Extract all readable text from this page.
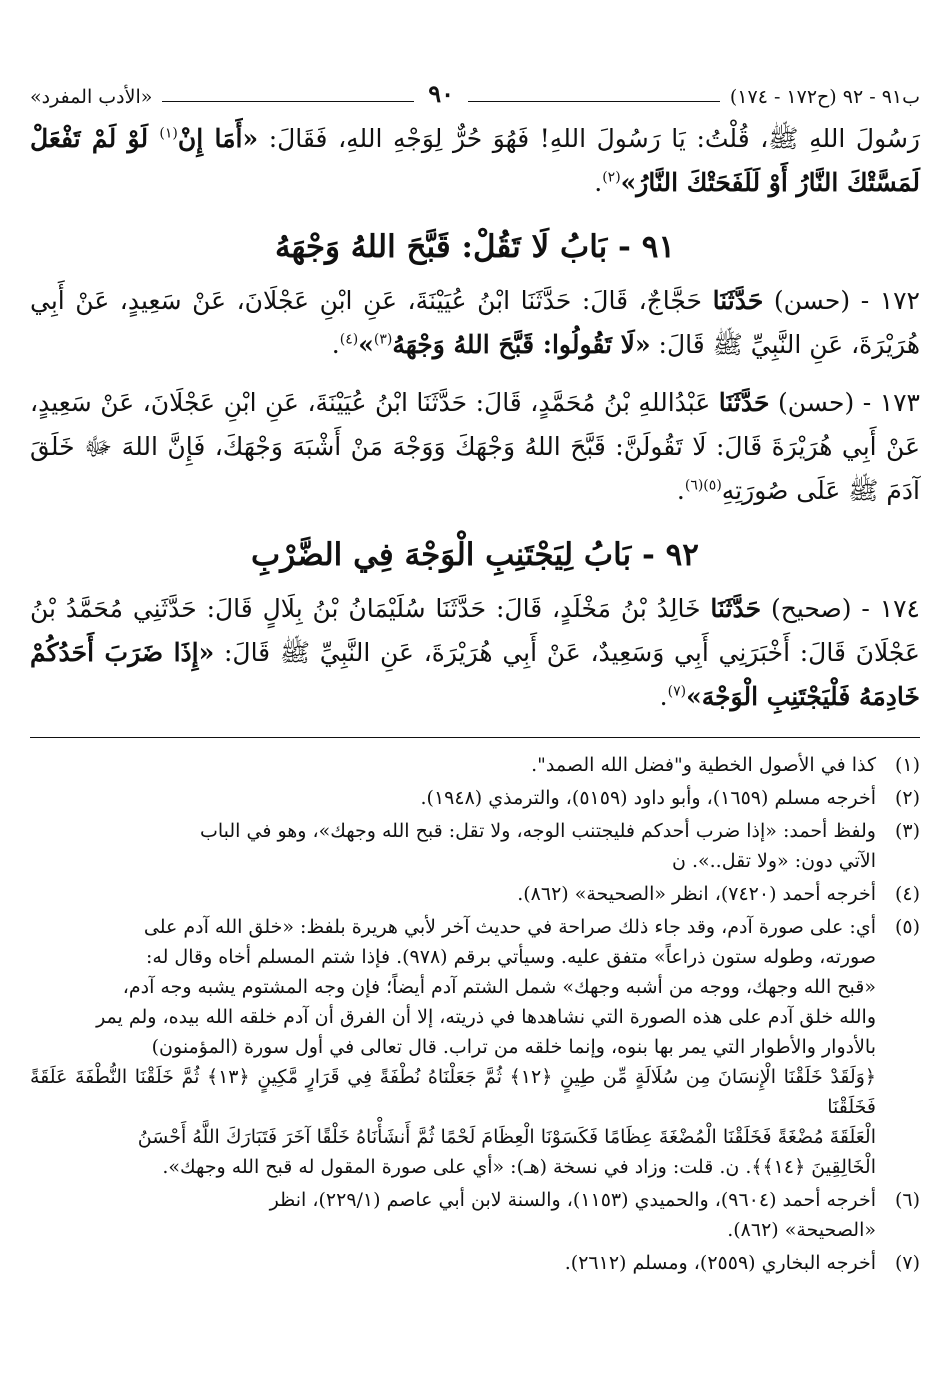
ب٩١ - ٩٢ (ح١٧٢ - ١٧٤)
٩٠
«الأدب المفرد»

رَسُولَ اللهِ ﷺ، قُلْتُ: يَا رَسُولَ اللهِ! فَهُوَ حُرٌّ لِوَجْهِ اللهِ، فَقَالَ: «أَمَا إِنْ$^{(١)}$ لَوْ لَمْ تَفْعَلْ لَمَسَّتْكَ النَّارُ أَوْ لَلَفَحَتْكَ النَّارُ»$^{(٢)}$.

٩١ - بَابُ لَا تَقُلْ: قَبَّحَ اللهُ وَجْهَهُ

١٧٢ - (حسن) حَدَّثَنَا حَجَّاجٌ، قَالَ: حَدَّثَنَا ابْنُ عُيَيْنَةَ، عَنِ ابْنِ عَجْلَانَ، عَنْ سَعِيدٍ، عَنْ أَبِي هُرَيْرَةَ، عَنِ النَّبِيِّ ﷺ قَالَ: «لَا تَقُولُوا: قَبَّحَ اللهُ وَجْهَهُ$^{(٣)}$»$^{(٤)}$.

١٧٣ - (حسن) حَدَّثَنَا عَبْدُاللهِ بْنُ مُحَمَّدٍ، قَالَ: حَدَّثَنَا ابْنُ عُيَيْنَةَ، عَنِ ابْنِ عَجْلَانَ، عَنْ سَعِيدٍ، عَنْ أَبِي هُرَيْرَةَ قَالَ: لَا تَقُولَنَّ: قَبَّحَ اللهُ وَجْهَكَ وَوَجْهَ مَنْ أَشْبَهَ وَجْهَكَ، فَإِنَّ اللهَ ﷻ خَلَقَ آدَمَ ﷺ عَلَى صُورَتِهِ$^{(٥)(٦)}$.

٩٢ - بَابُ لِيَجْتَنِبِ الْوَجْهَ فِي الضَّرْبِ

١٧٤ - (صحيح) حَدَّثَنَا خَالِدُ بْنُ مَخْلَدٍ، قَالَ: حَدَّثَنَا سُلَيْمَانُ بْنُ بِلَالٍ قَالَ: حَدَّثَنِي مُحَمَّدُ بْنُ عَجْلَانَ قَالَ: أَخْبَرَنِي أَبِي وَسَعِيدٌ، عَنْ أَبِي هُرَيْرَةَ، عَنِ النَّبِيِّ ﷺ قَالَ: «إِذَا ضَرَبَ أَحَدُكُمْ خَادِمَهُ فَلْيَجْتَنِبِ الْوَجْهَ»$^{(٧)}$.

(١)
كذا في الأصول الخطية و"فضل الله الصمد".
(٢)
أخرجه مسلم (١٦٥٩)، وأبو داود (٥١٥٩)، والترمذي (١٩٤٨).
(٣)
ولفظ أحمد: «إذا ضرب أحدكم فليجتنب الوجه، ولا تقل: قبح الله وجهك»، وهو في الباب
الآتي دون: «ولا تقل..». ن
(٤)
أخرجه أحمد (٧٤٢٠)، انظر «الصحيحة» (٨٦٢).
(٥)
أي: على صورة آدم، وقد جاء ذلك صراحة في حديث آخر لأبي هريرة بلفظ: «خلق الله آدم على
صورته، وطوله ستون ذراعاً» متفق عليه. وسيأتي برقم (٩٧٨). فإذا شتم المسلم أخاه وقال له:
«قبح الله وجهك، ووجه من أشبه وجهك» شمل الشتم آدم أيضاً؛ فإن وجه المشتوم يشبه وجه آدم،
والله خلق آدم على هذه الصورة التي نشاهدها في ذريته، إلا أن الفرق أن آدم خلقه الله بيده، ولم يمر
بالأدوار والأطوار التي يمر بها بنوه، وإنما خلقه من تراب. قال تعالى في أول سورة (المؤمنون)
﴿وَلَقَدْ خَلَقْنَا الْإِنسَانَ مِن سُلَالَةٍ مِّن طِينٍ ﴿١٢﴾ ثُمَّ جَعَلْنَاهُ نُطْفَةً فِي قَرَارٍ مَّكِينٍ ﴿١٣﴾ ثُمَّ خَلَقْنَا النُّطْفَةَ عَلَقَةً فَخَلَقْنَا
الْعَلَقَةَ مُضْغَةً فَخَلَقْنَا الْمُضْغَةَ عِظَامًا فَكَسَوْنَا الْعِظَامَ لَحْمًا ثُمَّ أَنشَأْنَاهُ خَلْقًا آخَرَ فَتَبَارَكَ اللَّهُ أَحْسَنُ
الْخَالِقِينَ ﴿١٤﴾﴾. ن. قلت: وزاد في نسخة (هـ): «أي على صورة المقول له قبح الله وجهك».
(٦)
أخرجه أحمد (٩٦٠٤)، والحميدي (١١٥٣)، والسنة لابن أبي عاصم (٢٢٩/١)، انظر
«الصحيحة» (٨٦٢).
(٧)
أخرجه البخاري (٢٥٥٩)، ومسلم (٢٦١٢).
